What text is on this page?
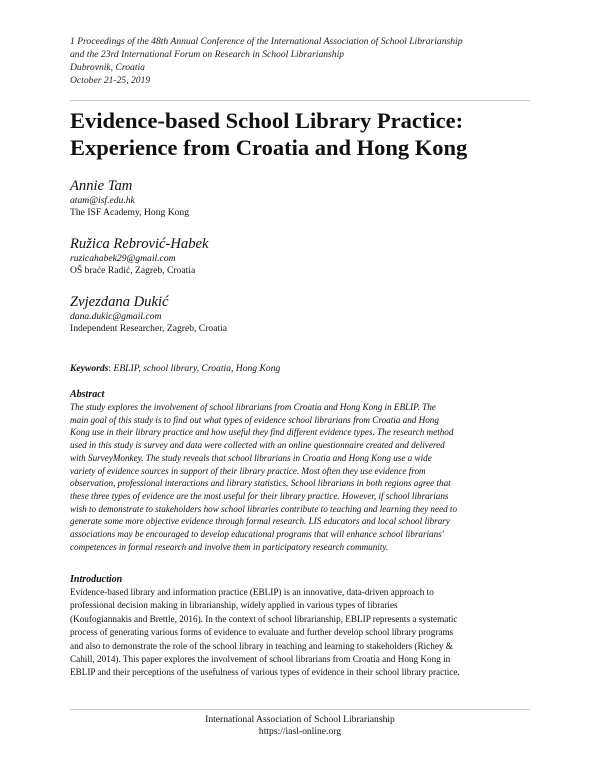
1 Proceedings of the 48th Annual Conference of the International Association of School Librarianship
and the 23rd International Forum on Research in School Librarianship
Dubrovnik, Croatia
October 21-25, 2019
Evidence-based School Library Practice:
Experience from Croatia and Hong Kong
Annie Tam
atam@isf.edu.hk
The ISF Academy, Hong Kong
Ružica Rebrović-Habek
ruzicahabek29@gmail.com
OŠ braće Radić, Zagreb, Croatia
Zvjezdana Dukić
dana.dukic@gmail.com
Independent Researcher, Zagreb, Croatia
Keywords: EBLIP, school library, Croatia, Hong Kong
Abstract
The study explores the involvement of school librarians from Croatia and Hong Kong in EBLIP. The
main goal of this study is to find out what types of evidence school librarians from Croatia and Hong
Kong use in their library practice and how useful they find different evidence types. The research method
used in this study is survey and data were collected with an online questionnaire created and delivered
with SurveyMonkey. The study reveals that school librarians in Croatia and Hong Kong use a wide
variety of evidence sources in support of their library practice. Most often they use evidence from
observation, professional interactions and library statistics. School librarians in both regions agree that
these three types of evidence are the most useful for their library practice. However, if school librarians
wish to demonstrate to stakeholders how school libraries contribute to teaching and learning they need to
generate some more objective evidence through formal research. LIS educators and local school library
associations may be encouraged to develop educational programs that will enhance school librarians'
competences in formal research and involve them in participatory research community.
Introduction
Evidence-based library and information practice (EBLIP) is an innovative, data-driven approach to
professional decision making in librarianship, widely applied in various types of libraries
(Koufogiannakis and Brettle, 2016). In the context of school librarianship, EBLIP represents a systematic
process of generating various forms of evidence to evaluate and further develop school library programs
and also to demonstrate the role of the school library in teaching and learning to stakeholders (Richey &
Cahill, 2014). This paper explores the involvement of school librarians from Croatia and Hong Kong in
EBLIP and their perceptions of the usefulness of various types of evidence in their school library practice.
International Association of School Librarianship
https://iasl-online.org
